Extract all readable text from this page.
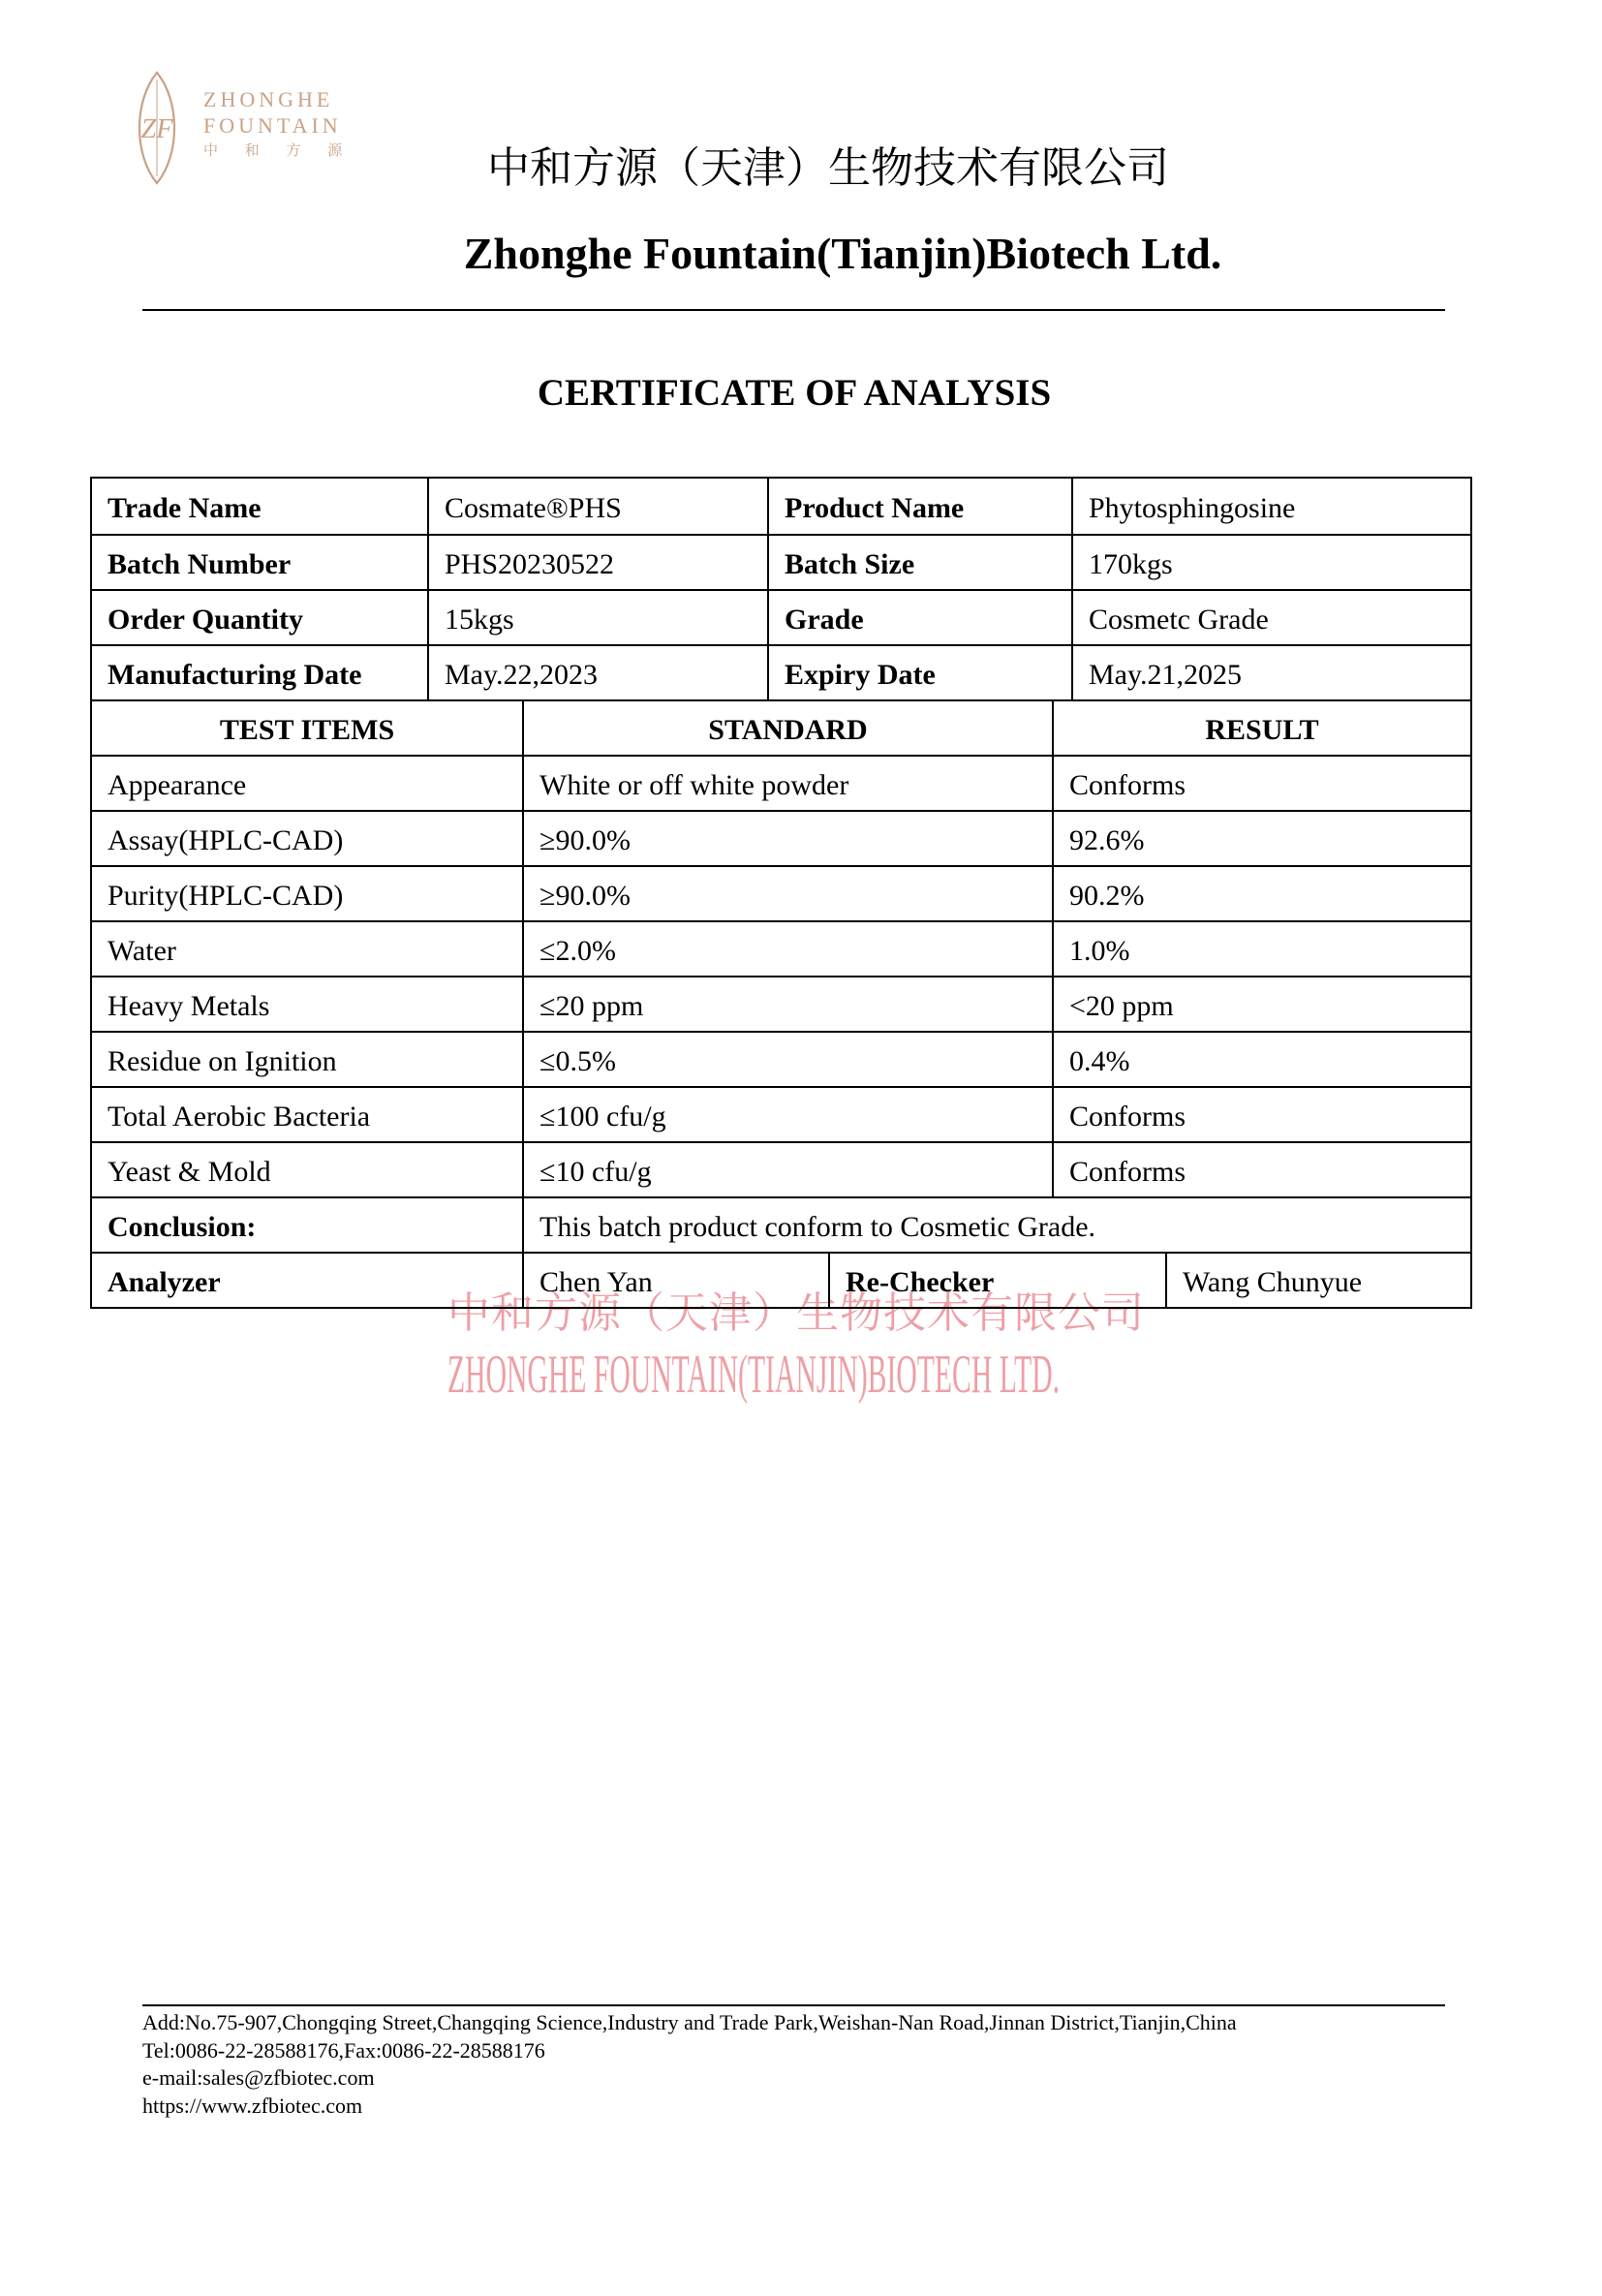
ZF
ZHONGHE
FOUNTAIN
中 和 方 源	中和方源（天津）生物技术有限公司
Zhonghe Fountain(Tianjin)Biotech Ltd.
CERTIFICATE OF ANALYSIS
Trade Name	Cosmate®PHS	Product Name	Phytosphingosine
Batch Number	PHS20230522	Batch Size	170kgs
Order Quantity	15kgs	Grade	Cosmetc Grade
Manufacturing Date	May.22,2023	Expiry Date	May.21,2025
TEST ITEMS	STANDARD	RESULT
Appearance	White or off white powder	Conforms
Assay(HPLC-CAD)	≥90.0%	92.6%
Purity(HPLC-CAD)	≥90.0%	90.2%
Water	≤2.0%	1.0%
Heavy Metals	≤20 ppm	<20 ppm
Residue on Ignition	≤0.5%	0.4%
Total Aerobic Bacteria	≤100 cfu/g	Conforms
Yeast & Mold	≤10 cfu/g	Conforms
Conclusion:	This batch product conform to Cosmetic Grade.
Analyzer	Chen Yan	Re-Checker	Wang Chunyue
中和方源（天津）生物技术有限公司
ZHONGHE FOUNTAIN(TIANJIN)BIOTECH LTD.
Add:No.75-907,Chongqing Street,Changqing Science,Industry and Trade Park,Weishan-Nan Road,Jinnan District,Tianjin,China
Tel:0086-22-28588176,Fax:0086-22-28588176
e-mail:sales@zfbiotec.com
https://www.zfbiotec.com
